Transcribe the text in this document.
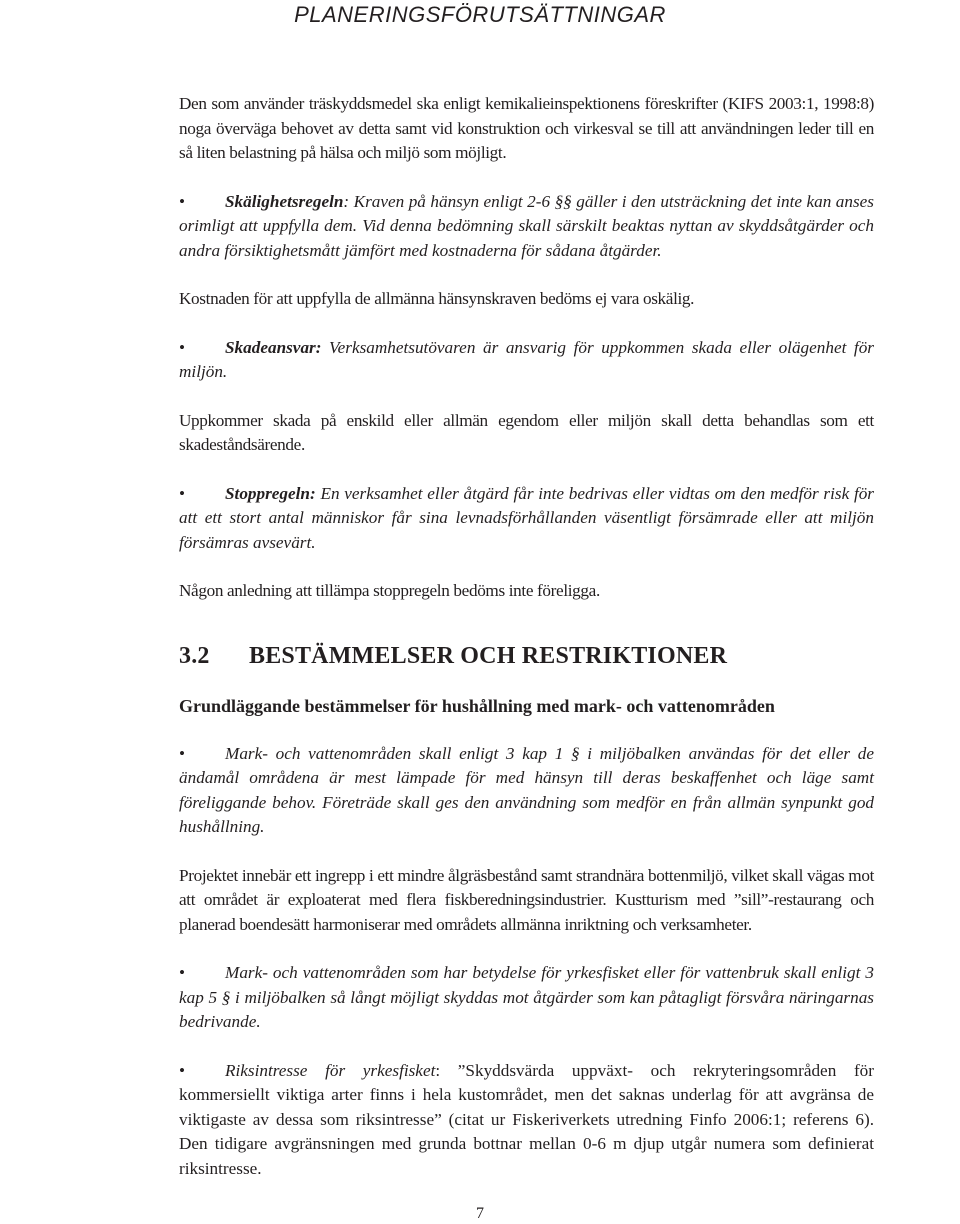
PLANERINGSFÖRUTSÄTTNINGAR

Den som använder träskyddsmedel ska enligt kemikalieinspektionens föreskrifter (KIFS 2003:1, 1998:8) noga överväga behovet av detta samt vid konstruktion och virkesval se till att användningen leder till en så liten belastning på hälsa och miljö som möjligt.

• Skälighetsregeln: Kraven på hänsyn enligt 2-6 §§ gäller i den utsträckning det inte kan anses orimligt att uppfylla dem. Vid denna bedömning skall särskilt beaktas nyttan av skyddsåtgärder och andra försiktighetsmått jämfört med kostnaderna för sådana åtgärder.

Kostnaden för att uppfylla de allmänna hänsynskraven bedöms ej vara oskälig.

• Skadeansvar: Verksamhetsutövaren är ansvarig för uppkommen skada eller olägenhet för miljön.

Uppkommer skada på enskild eller allmän egendom eller miljön skall detta behandlas som ett skadeståndsärende.

• Stoppregeln: En verksamhet eller åtgärd får inte bedrivas eller vidtas om den medför risk för att ett stort antal människor får sina levnadsförhållanden väsentligt försämrade eller att miljön försämras avsevärt.

Någon anledning att tillämpa stoppregeln bedöms inte föreligga.

3.2 BESTÄMMELSER OCH RESTRIKTIONER
Grundläggande bestämmelser för hushållning med mark- och vattenområden

• Mark- och vattenområden skall enligt 3 kap 1 § i miljöbalken användas för det eller de ändamål områdena är mest lämpade för med hänsyn till deras beskaffenhet och läge samt föreliggande behov. Företräde skall ges den användning som medför en från allmän synpunkt god hushållning.

Projektet innebär ett ingrepp i ett mindre ålgräsbestånd samt strandnära bottenmiljö, vilket skall vägas mot att området är exploaterat med flera fiskberedningsindustrier. Kustturism med ”sill”-restaurang och planerad boendesätt harmoniserar med områdets allmänna inriktning och verksamheter.

• Mark- och vattenområden som har betydelse för yrkesfisket eller för vattenbruk skall enligt 3 kap 5 § i miljöbalken så långt möjligt skyddas mot åtgärder som kan påtagligt försvåra näringarnas bedrivande.

• Riksintresse för yrkesfisket: ”Skyddsvärda uppväxt- och rekryteringsområden för kommersiellt viktiga arter finns i hela kustområdet, men det saknas underlag för att avgränsa de viktigaste av dessa som riksintresse” (citat ur Fiskeriverkets utredning Finfo 2006:1; referens 6). Den tidigare avgränsningen med grunda bottnar mellan 0-6 m djup utgår numera som definierat riksintresse.

7
